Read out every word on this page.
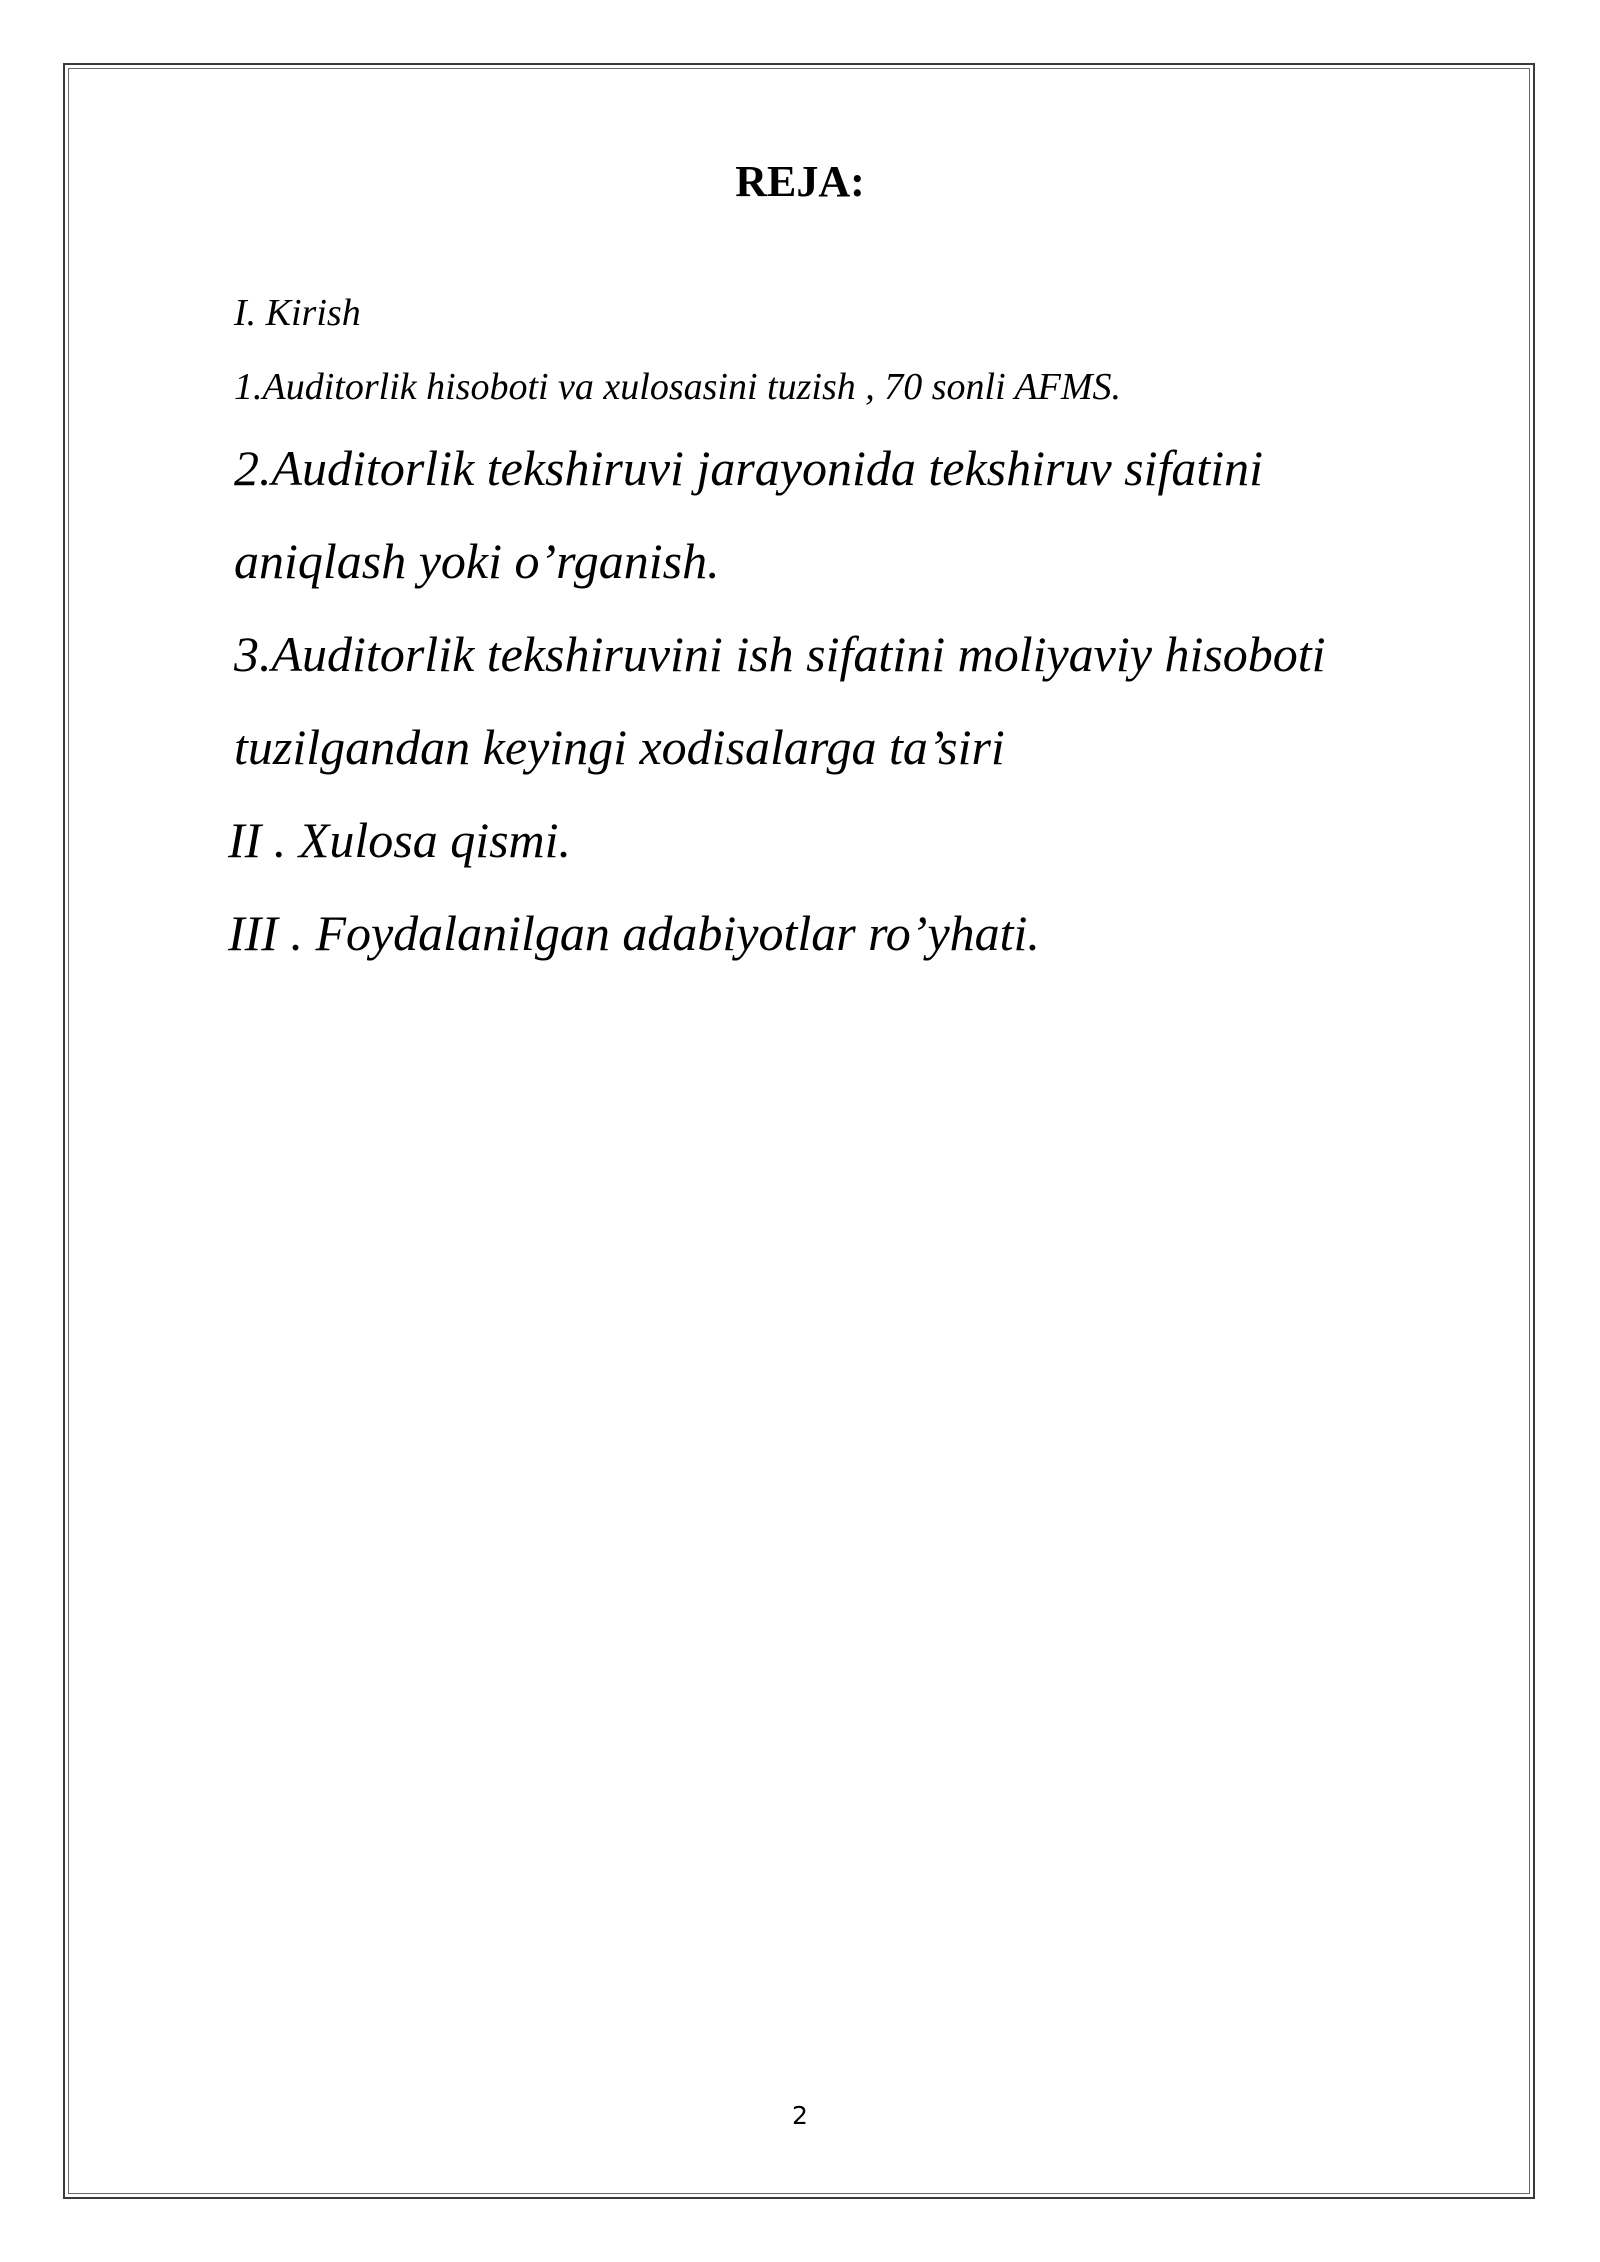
REJA:
I. Kirish
1.Auditorlik hisoboti va xulosasini tuzish , 70 sonli AFMS.
2.Auditorlik tekshiruvi jarayonida tekshiruv sifatini
aniqlash yoki o’rganish.
3.Auditorlik tekshiruvini ish sifatini moliyaviy hisoboti
tuzilgandan keyingi xodisalarga ta’siri
II . Xulosa qismi.
III . Foydalanilgan adabiyotlar ro’yhati.
2
